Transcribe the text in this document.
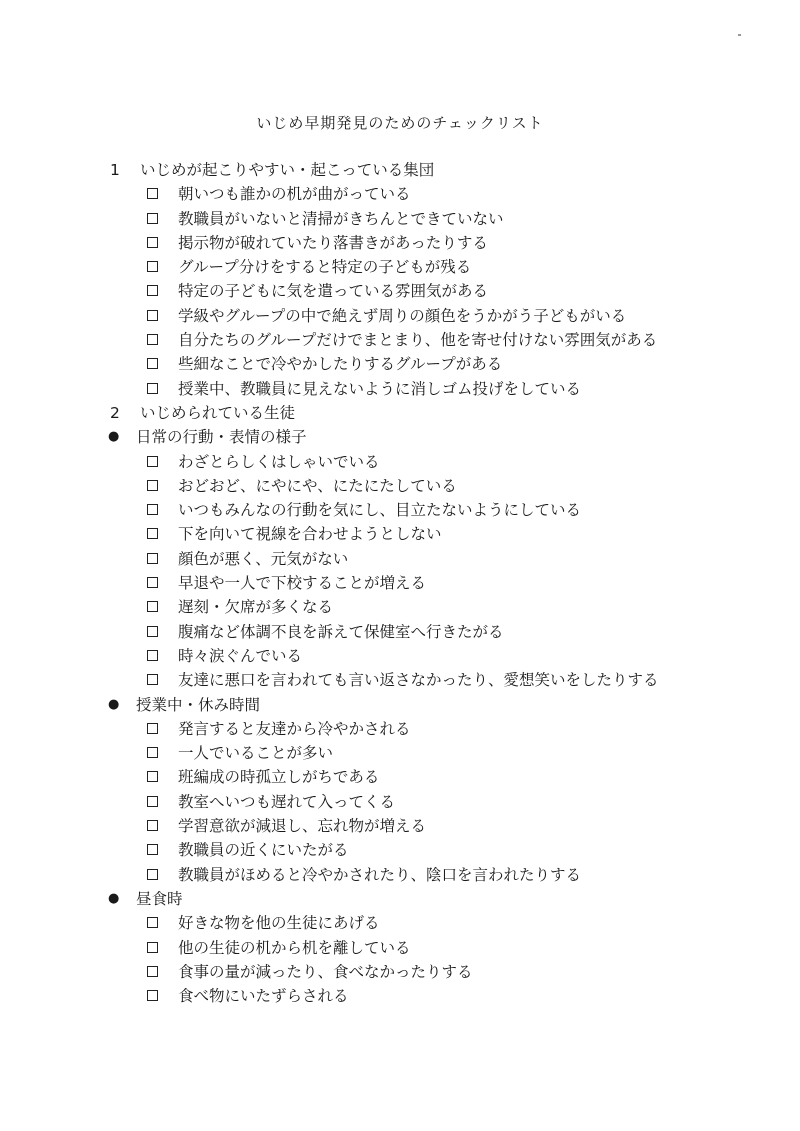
いじめ早期発見のためのチェックリスト
1	いじめが起こりやすい・起こっている集団
朝いつも誰かの机が曲がっている
教職員がいないと清掃がきちんとできていない
掲示物が破れていたり落書きがあったりする
グループ分けをすると特定の子どもが残る
特定の子どもに気を遣っている雰囲気がある
学級やグループの中で絶えず周りの顔色をうかがう子どもがいる
自分たちのグループだけでまとまり、他を寄せ付けない雰囲気がある
些細なことで冷やかしたりするグループがある
授業中、教職員に見えないように消しゴム投げをしている
2	いじめられている生徒
●	日常の行動・表情の様子
わざとらしくはしゃいでいる
おどおど、にやにや、にたにたしている
いつもみんなの行動を気にし、目立たないようにしている
下を向いて視線を合わせようとしない
顔色が悪く、元気がない
早退や一人で下校することが増える
遅刻・欠席が多くなる
腹痛など体調不良を訴えて保健室へ行きたがる
時々涙ぐんでいる
友達に悪口を言われても言い返さなかったり、愛想笑いをしたりする
●	授業中・休み時間
発言すると友達から冷やかされる
一人でいることが多い
班編成の時孤立しがちである
教室へいつも遅れて入ってくる
学習意欲が減退し、忘れ物が増える
教職員の近くにいたがる
教職員がほめると冷やかされたり、陰口を言われたりする
●	昼食時
好きな物を他の生徒にあげる
他の生徒の机から机を離している
食事の量が減ったり、食べなかったりする
食べ物にいたずらされる
